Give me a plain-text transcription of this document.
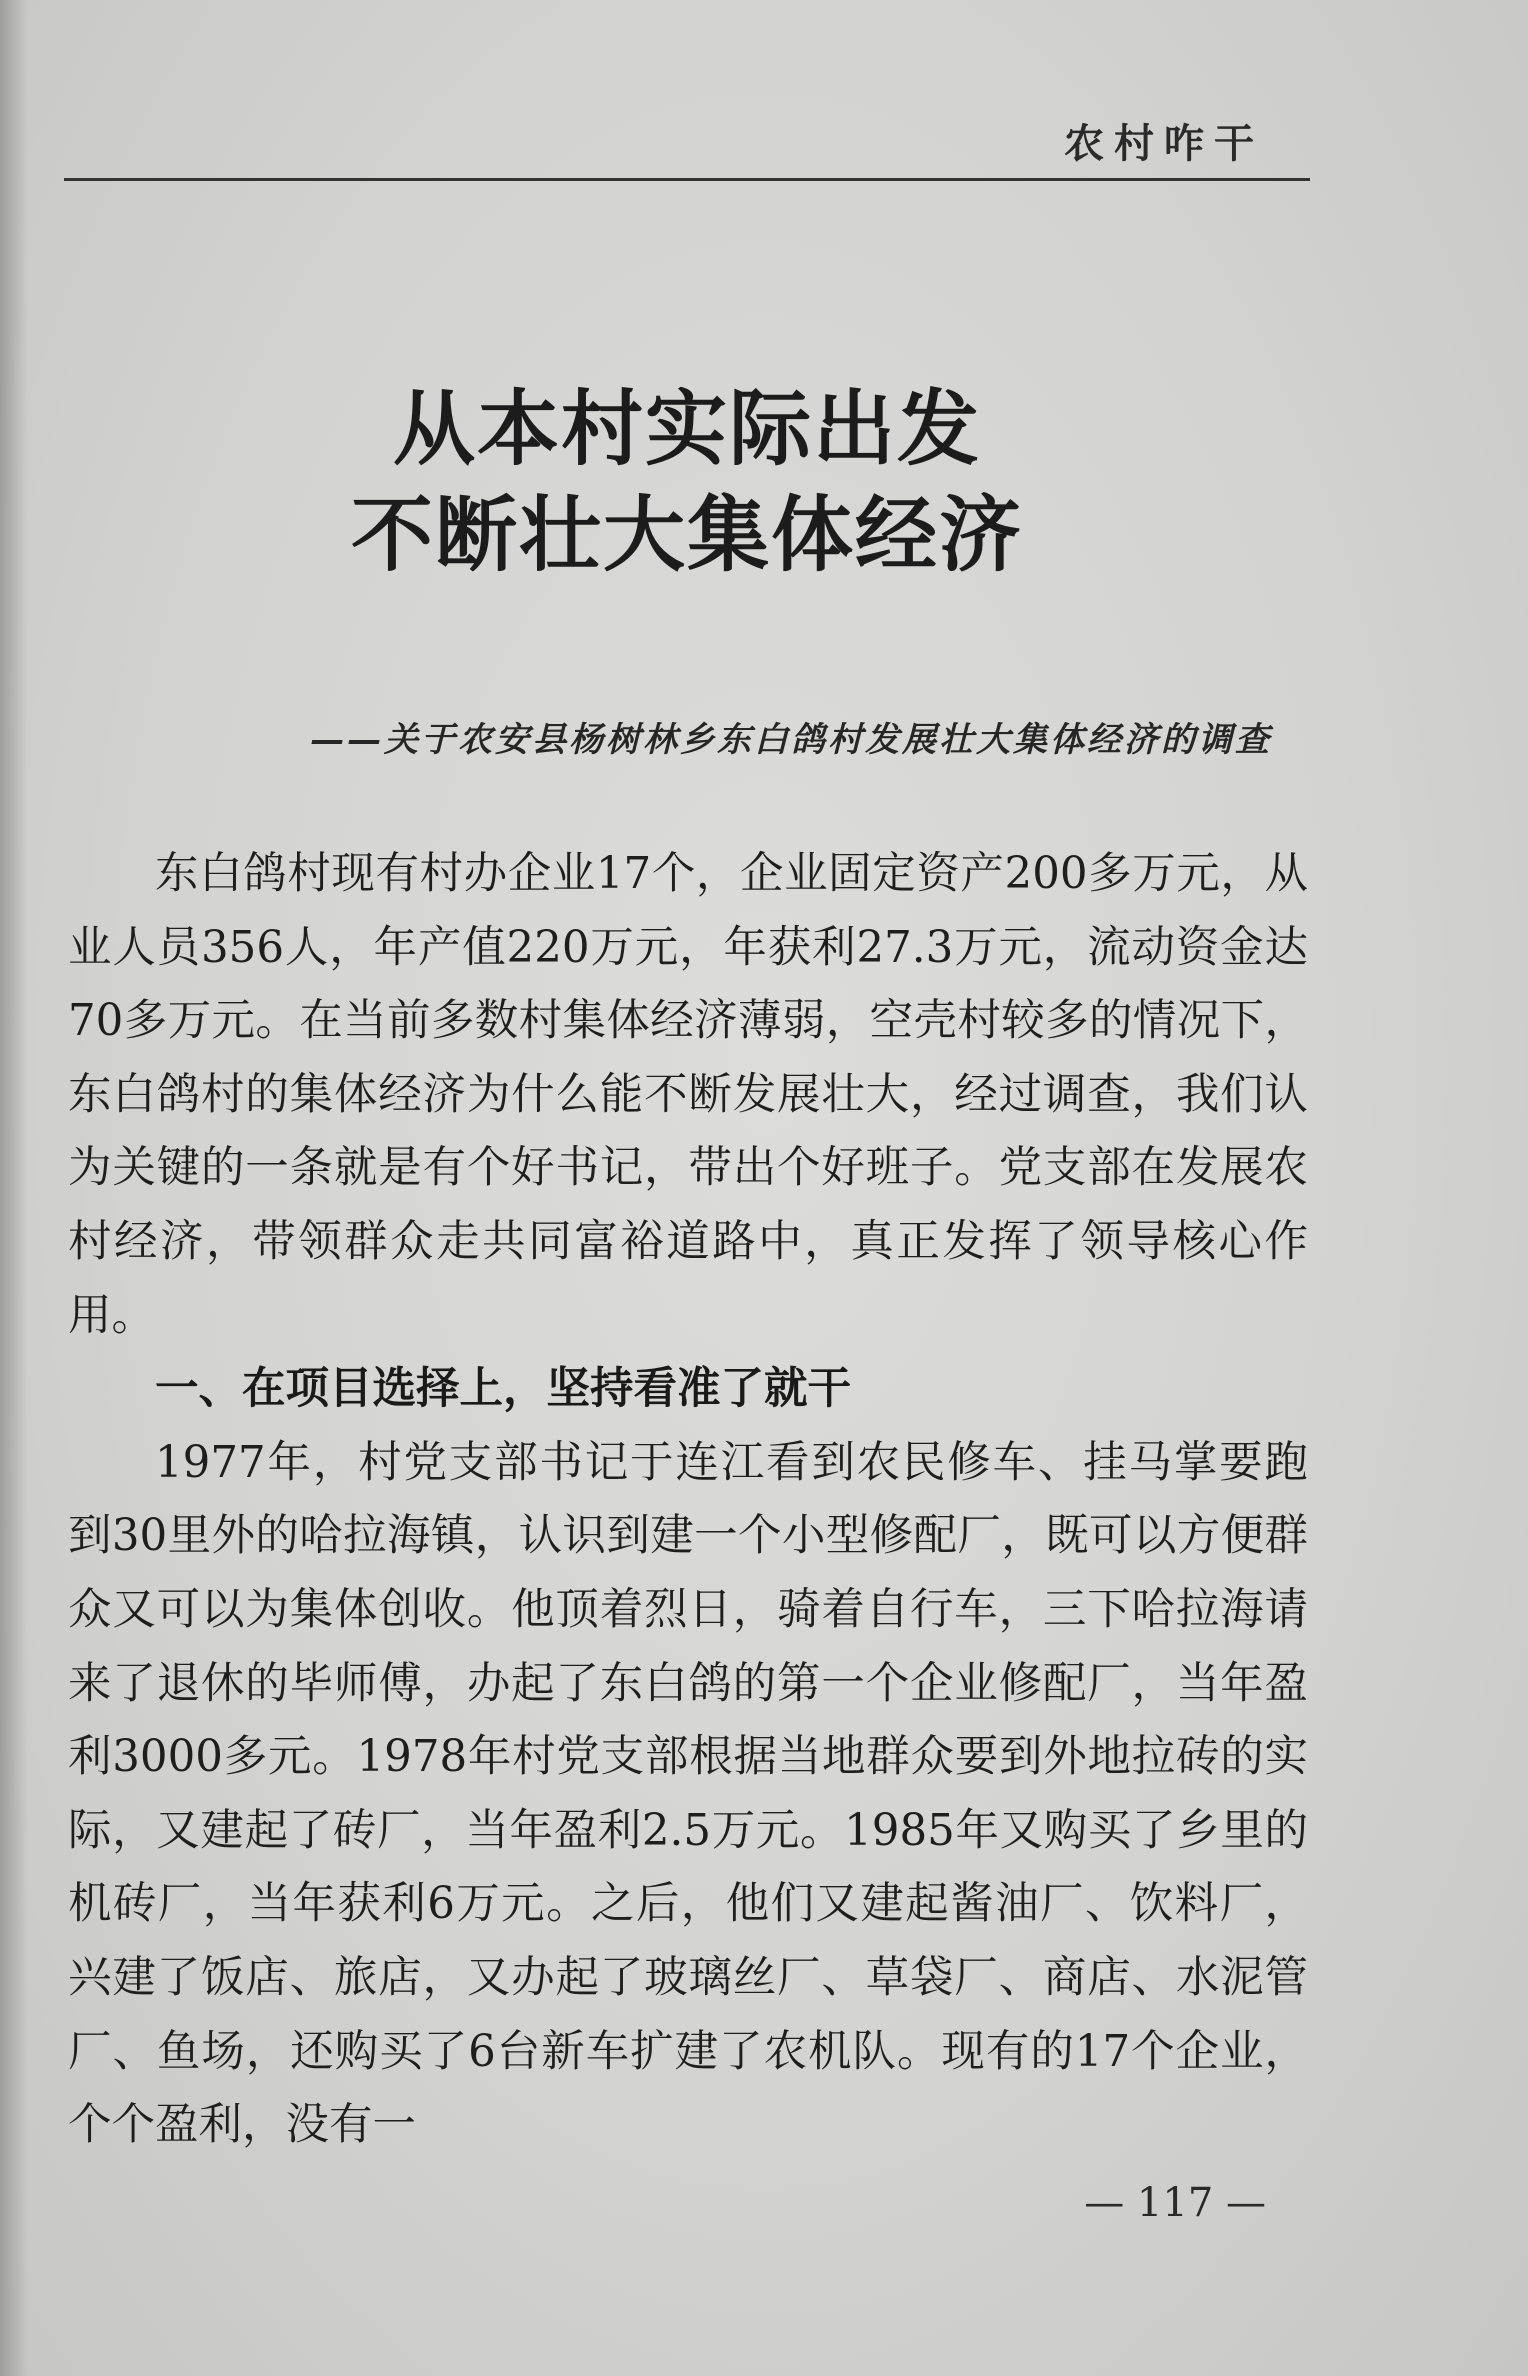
农村咋干
从本村实际出发
不断壮大集体经济
——关于农安县杨树林乡东白鸽村发展壮大集体经济的调查

东白鸽村现有村办企业17个，企业固定资产200多万元，从业人员356人，年产值220万元，年获利27.3万元，流动资金达70多万元。在当前多数村集体经济薄弱，空壳村较多的情况下，东白鸽村的集体经济为什么能不断发展壮大，经过调查，我们认为关键的一条就是有个好书记，带出个好班子。党支部在发展农村经济，带领群众走共同富裕道路中，真正发挥了领导核心作用。

一、在项目选择上，坚持看准了就干

1977年，村党支部书记于连江看到农民修车、挂马掌要跑到30里外的哈拉海镇，认识到建一个小型修配厂，既可以方便群众又可以为集体创收。他顶着烈日，骑着自行车，三下哈拉海请来了退休的毕师傅，办起了东白鸽的第一个企业修配厂，当年盈利3000多元。1978年村党支部根据当地群众要到外地拉砖的实际，又建起了砖厂，当年盈利2.5万元。1985年又购买了乡里的机砖厂，当年获利6万元。之后，他们又建起酱油厂、饮料厂，兴建了饭店、旅店，又办起了玻璃丝厂、草袋厂、商店、水泥管厂、鱼场，还购买了6台新车扩建了农机队。现有的17个企业，个个盈利，没有一

— 117 —
